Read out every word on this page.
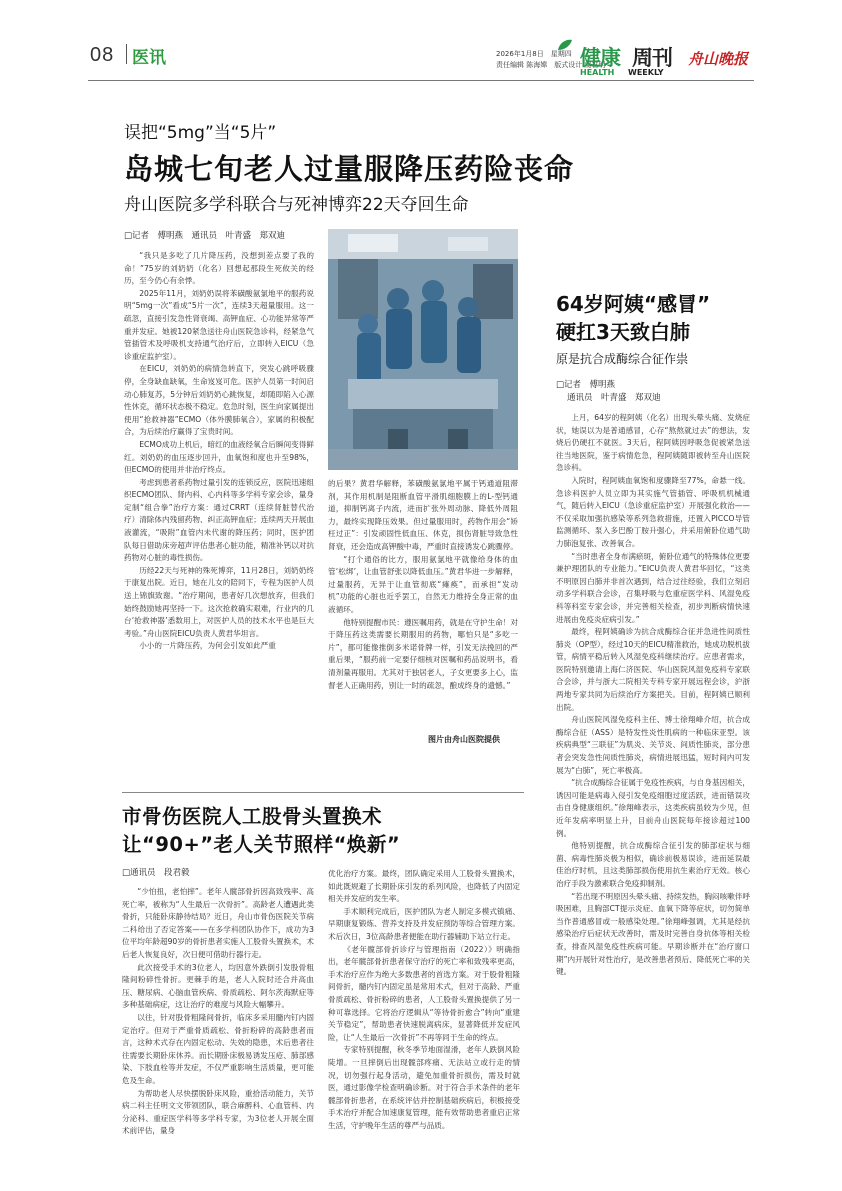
08 医讯	2026年1月8日　星期四
责任编辑 陈海嫦　版式设计 虞君明
健康 周刊
HEALTH WEEKLY
舟山晚报
误把“5mg”当“5片”
岛城七旬老人过量服降压药险丧命
舟山医院多学科联合与死神博弈22天夺回生命
□记者　傅明燕　通讯员　叶青盛　郑双迪

“我只是多吃了几片降压药，没想到差点要了我的命！”75岁的刘奶奶（化名）回想起那段生死攸关的经历，至今仍心有余悸。

2025年11月，刘奶奶误将苯磺酸氨氯地平的服药说明“5mg一次”看成“5片一次”，连续3天超量服用。这一疏忽，直接引发急性肾衰竭、高钾血症、心功能异常等严重并发症。她被120紧急送往舟山医院急诊科，经紧急气管插管术及呼吸机支持通气治疗后，立即转入EICU（急诊重症监护室）。

在EICU，刘奶奶的病情急转直下，突发心跳呼吸骤停，全身缺血缺氧，生命岌岌可危。医护人员第一时间启动心肺复苏，5分钟后刘奶奶心跳恢复，却随即陷入心源性休克，循环状态极不稳定。危急时刻，医生向家属提出使用“抢救神器”ECMO（体外膜肺氧合），家属的积极配合，为后续治疗赢得了宝贵时间。

ECMO成功上机后，暗红的血液经氧合后瞬间变得鲜红。刘奶奶的血压逐步回升，血氧饱和度也升至98%，但ECMO的使用并非治疗终点。

考虑到患者系药物过量引发的连锁反应，医院迅速组织ECMO团队、肾内科、心内科等多学科专家会诊，量身定制“组合拳”治疗方案：通过CRRT（连续肾脏替代治疗）清除体内残留药物、纠正高钾血症；连续两天开展血液灌流，“吸附”血管内未代谢的降压药；同时，医护团队每日借助床旁超声评估患者心脏功能，精准补钙以对抗药物对心脏的毒性损伤。

历经22天与死神的殊死博弈，11月28日，刘奶奶终于康复出院。近日，她在儿女的陪同下，专程为医护人员送上锦旗致谢。“治疗期间，患者好几次想放弃，但我们始终鼓励她再坚持一下。这次抢救确实艰难，行业内的几台‘抢救神器’悉数用上，对医护人员的技术水平也是巨大考验。”舟山医院EICU负责人黄君华坦言。

小小的一片降压药，为何会引发如此严重

的后果？黄君华解释，苯磺酸氨氯地平属于钙通道阻滞剂，其作用机制是阻断血管平滑肌细胞膜上的L-型钙通道，抑制钙离子内流，进而扩张外周动脉、降低外周阻力，最终实现降压效果。但过量服用时，药物作用会“矫枉过正”：引发顽固性低血压、休克，损伤肾脏导致急性肾衰，还会造成高钾酸中毒，严重时直接诱发心跳骤停。

“打个通俗的比方，服用氨氯地平就像给身体的血管‘松绑’，让血管舒张以降低血压。”黄君华进一步解释，过量服药，无异于让血管彻底“瘫痪”，而承担“发动机”功能的心脏也近乎罢工，自然无力维持全身正常的血液循环。

他特别提醒市民：遵医嘱用药，就是在守护生命！对于降压药这类需要长期服用的药物，哪怕只是“多吃一片”，都可能像推倒多米诺骨牌一样，引发无法挽回的严重后果，“服药前一定要仔细核对医嘱和药品说明书，看清剂量再服用。尤其对于独居老人，子女更要多上心，监督老人正确用药，别让一时的疏忽，酿成终身的遗憾。”

图片由舟山医院提供
64岁阿姨“感冒”
硬扛3天致白肺
原是抗合成酶综合征作祟
□记者　傅明燕
通讯员　叶青盛　郑双迪

上月，64岁的程阿姨（化名）出现头晕头痛、发烧症状，她误以为是普通感冒，心存“熬熬就过去”的想法，发烧后仍硬扛不就医。3天后，程阿姨因呼吸急促被紧急送往当地医院，鉴于病情危急，程阿姨随即被转至舟山医院急诊科。

入院时，程阿姨血氧饱和度骤降至77%，命悬一线。急诊科医护人员立即为其实施气管插管、呼吸机机械通气，随后转入EICU（急诊重症监护室）开展强化救治——不仅采取加强抗感染等系列急救措施，还置入PICCO导管监测循环、泵入多巴酚丁胺升强心，并采用俯卧位通气助力肺泡复张、改善氧合。

“当时患者全身布满瘀斑，俯卧位通气的特殊体位更要兼护理团队的专业能力。”EICU负责人黄君华回忆，“这类不明原因白肺并非首次遇到，结合过往经验，我们立刻启动多学科联合会诊，召集呼吸与危重症医学科、风湿免疫科等科室专家会诊，并完善相关检查，初步判断病情快速进展由免疫炎症病引发。”

最终，程阿姨确诊为抗合成酶综合征并急进性间质性肺炎（OP型），经过10天的EICU精准救治，她成功脱机拔管，病情平稳后转入风湿免疫科继续治疗。应患者需求，医院特别邀请上海仁济医院、华山医院风湿免疫科专家联合会诊，并与浙大二院相关专科专家开展远程会诊，沪浙两地专家共同为后续治疗方案把关。目前，程阿姨已顺利出院。

舟山医院风湿免疫科主任、博士徐翔峰介绍，抗合成酶综合征（ASS）是特发性炎性肌病的一种临床亚型。该疾病典型“三联征”为肌炎、关节炎、间质性肺炎，部分患者会突发急性间质性肺炎，病情进展迅猛，短时间内可发展为“白肺”，死亡率极高。

“抗合成酶综合征属于免疫性疾病，与自身基因相关，诱因可能是病毒入侵引发免疫细胞过度活跃，进而错误攻击自身健康组织。”徐翔峰表示，这类疾病虽较为少见，但近年发病率明显上升，目前舟山医院每年接诊超过100例。

他特别提醒，抗合成酶综合征引发的肺部症状与细菌、病毒性肺炎极为相似，确诊前极易误诊，进而延误最佳治疗时机，且这类肺部损伤使用抗生素治疗无效。核心治疗手段为激素联合免疫抑制剂。

“若出现不明原因头晕头痛、持续发热，胸闷咳嗽伴呼吸困难，且胸部CT提示炎症、血氧下降等症状，切勿简单当作普通感冒或一般感染处理。”徐翔峰强调，尤其是经抗感染治疗后症状无改善时，需及时完善自身抗体等相关检查，排查风湿免疫性疾病可能。早期诊断并在“治疗窗口期”内开展针对性治疗，是改善患者预后、降低死亡率的关键。

市骨伤医院人工股骨头置换术
让“90+”老人关节照样“焕新”
□通讯员　段君毅

“少怕扭，老怕摔”。老年人髋部骨折因高致残率、高死亡率，被称为“人生最后一次骨折”。高龄老人遭遇此类骨折，只能卧床静待结局？近日，舟山市骨伤医院关节病二科给出了否定答案——在多学科团队协作下，成功为3位平均年龄超90岁的骨折患者实施人工股骨头置换术，术后老人恢复良好，次日便可借助行器行走。

此次接受手术的3位老人，均因意外跌倒引发股骨粗隆间粉碎性骨折。更棘手的是，老人入院时还合并高血压、糖尿病、心脑血管疾病、骨质疏松、阿尔茨海默症等多种基础病症，这让治疗的难度与风险大幅攀升。

以往，针对股骨粗隆间骨折，临床多采用髓内钉内固定治疗。但对于严重骨质疏松、骨折粉碎的高龄患者而言，这种术式存在内固定松动、失效的隐患，术后患者往往需要长期卧床休养。而长期卧床极易诱发压疮、肺部感染、下肢血栓等并发症，不仅严重影响生活质量，更可能危及生命。

为帮助老人尽快摆脱卧床风险，重拾活动能力，关节病二科主任明文文带领团队，联合麻醉科、心血管科、内分泌科、重症医学科等多学科专家，为3位老人开展全面术前评估，量身

优化治疗方案。最终，团队确定采用人工股骨头置换术，如此既规避了长期卧床引发的系列风险，也降低了内固定相关并发症的发生率。

手术顺利完成后，医护团队为老人制定多模式镇痛、早期康复锻炼、营养支持及并发症预防等综合管理方案。术后次日，3位高龄患者便能在助行器辅助下站立行走。

《老年髋部骨折诊疗与管理指南（2022）》明确指出，老年髋部骨折患者保守治疗的死亡率和致残率更高，手术治疗应作为绝大多数患者的首选方案。对于股骨粗隆间骨折，髓内钉内固定虽是常用术式，但对于高龄、严重骨质疏松、骨折粉碎的患者，人工股骨头置换提供了另一种可靠选择。它将治疗逻辑从“等待骨折愈合”转向“重建关节稳定”，帮助患者快速脱离病床，显著降低并发症风险，让“人生最后一次骨折”不再等同于生命的终点。

专家特别提醒，秋冬季节地面湿滑，老年人跌倒风险陡增。一旦摔倒后出现髋部疼痛、无法站立或行走的情况，切勿强行起身活动，避免加重骨折损伤，需及时就医，通过影像学检查明确诊断。对于符合手术条件的老年髋部骨折患者，在系统评估并控制基础疾病后，积极接受手术治疗并配合加速康复管理，能有效帮助患者重启正常生活，守护晚年生活的尊严与品质。
